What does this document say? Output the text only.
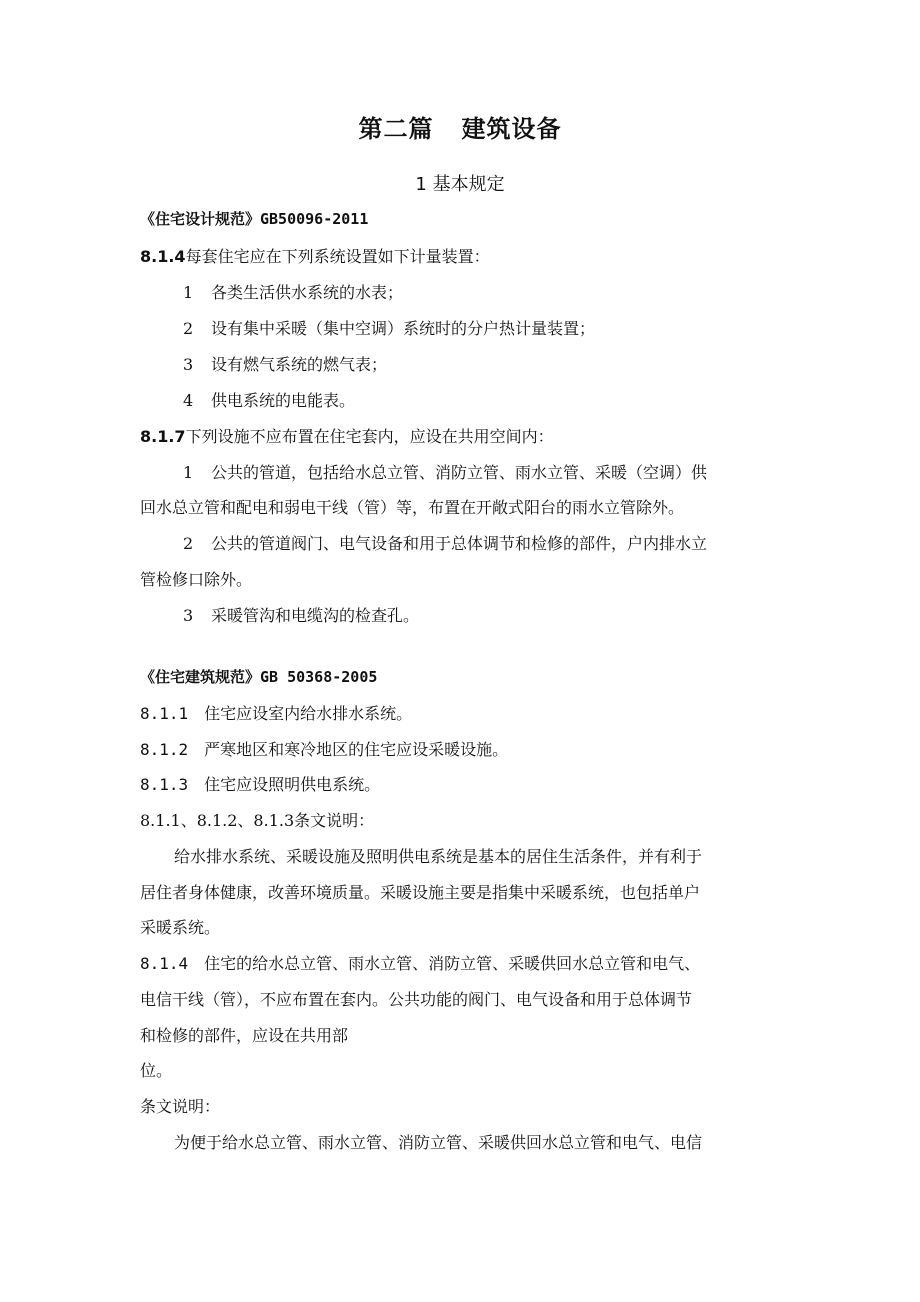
第二篇 建筑设备
1 基本规定
《住宅设计规范》GB50096-2011
8.1.4每套住宅应在下列系统设置如下计量装置：
1 各类生活供水系统的水表；
2 设有集中采暖（集中空调）系统时的分户热计量装置；
3 设有燃气系统的燃气表；
4 供电系统的电能表。
8.1.7下列设施不应布置在住宅套内，应设在共用空间内：
1 公共的管道，包括给水总立管、消防立管、雨水立管、采暖（空调）供
回水总立管和配电和弱电干线（管）等，布置在开敞式阳台的雨水立管除外。
2 公共的管道阀门、电气设备和用于总体调节和检修的部件，户内排水立
管检修口除外。
3 采暖管沟和电缆沟的检查孔。
《住宅建筑规范》GB 50368-2005
8.1.1 住宅应设室内给水排水系统。
8.1.2 严寒地区和寒冷地区的住宅应设采暖设施。
8.1.3 住宅应设照明供电系统。
8.1.1、8.1.2、8.1.3条文说明：
给水排水系统、采暖设施及照明供电系统是基本的居住生活条件，并有利于
居住者身体健康，改善环境质量。采暖设施主要是指集中采暖系统，也包括单户
采暖系统。
8.1.4 住宅的给水总立管、雨水立管、消防立管、采暖供回水总立管和电气、
电信干线（管），不应布置在套内。公共功能的阀门、电气设备和用于总体调节
和检修的部件，应设在共用部
位。
条文说明：
为便于给水总立管、雨水立管、消防立管、采暖供回水总立管和电气、电信
